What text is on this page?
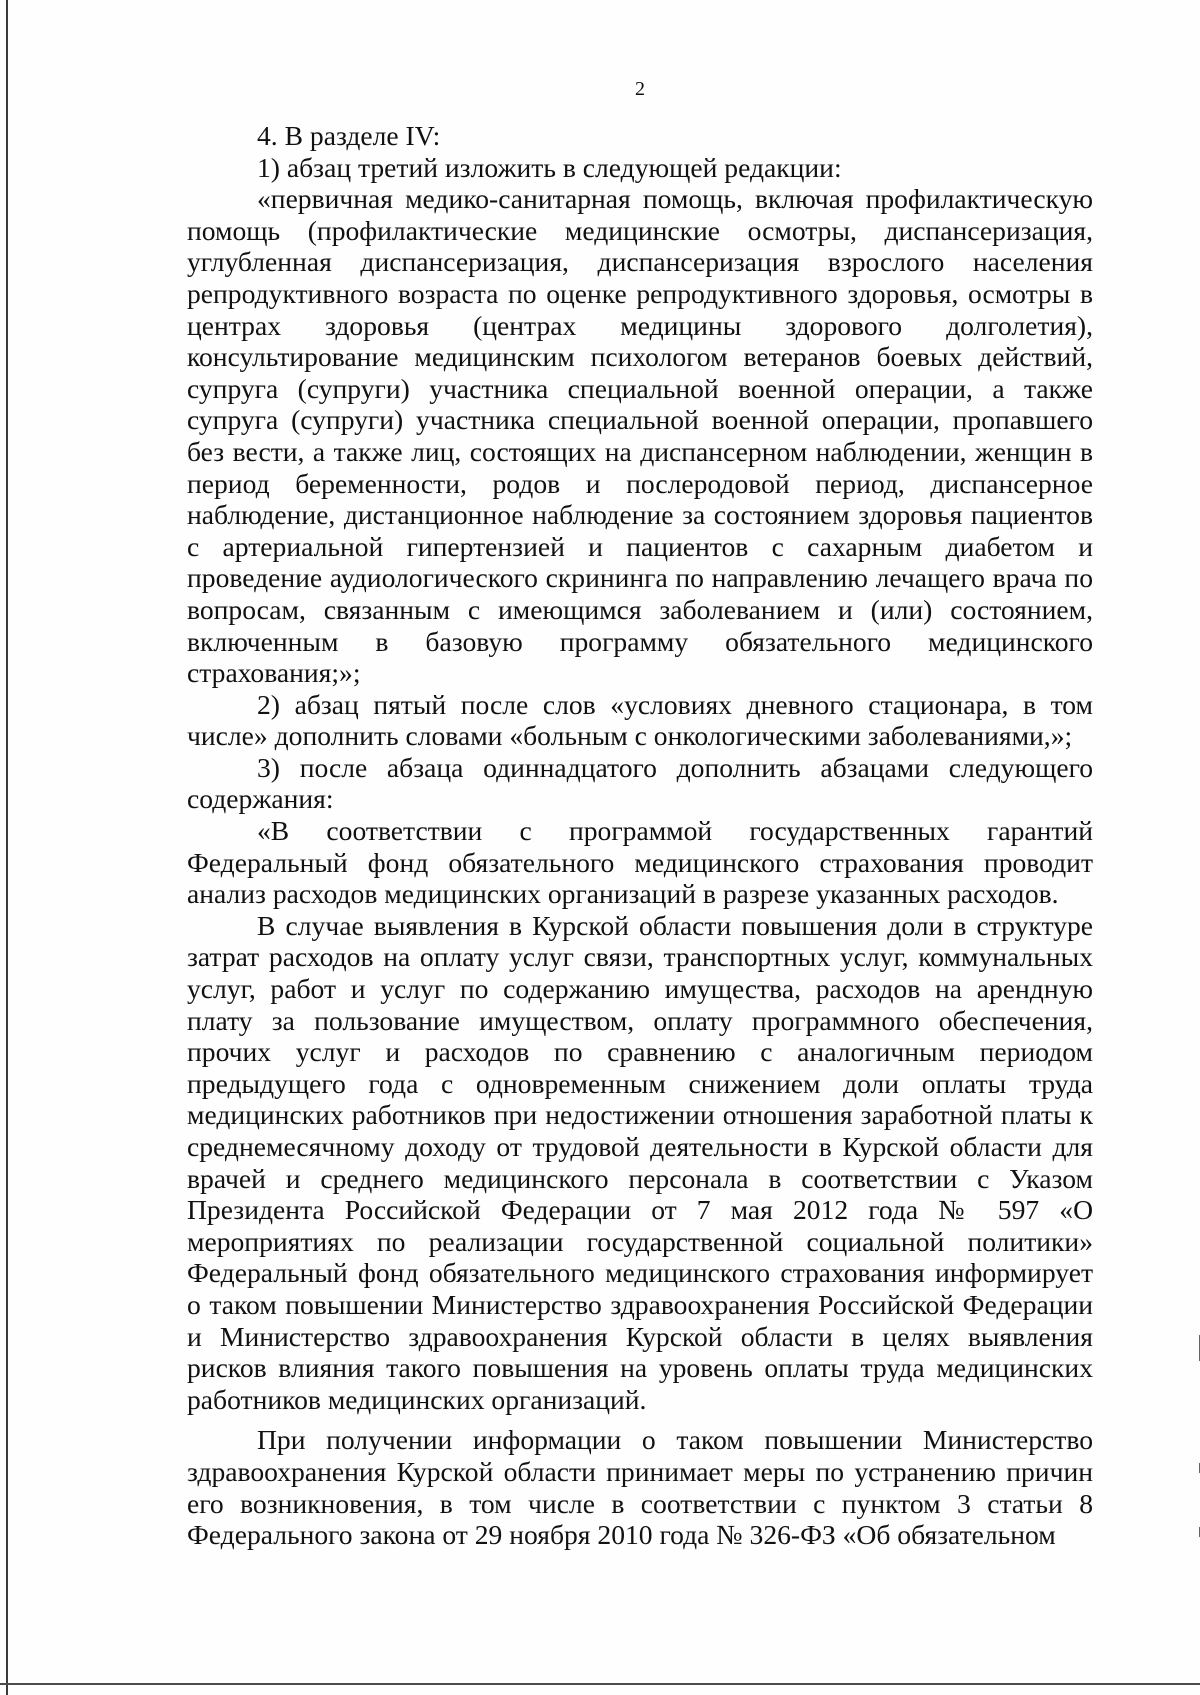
2

4. В разделе IV:

1) абзац третий изложить в следующей редакции:

«первичная медико-санитарная помощь, включая профилактическую помощь (профилактические медицинские осмотры, диспансеризация, углубленная диспансеризация, диспансеризация взрослого населения репродуктивного возраста по оценке репродуктивного здоровья, осмотры в центрах здоровья (центрах медицины здорового долголетия), консультирование медицинским психологом ветеранов боевых действий, супруга (супруги) участника специальной военной операции, а также супруга (супруги) участника специальной военной операции, пропавшего без вести, а также лиц, состоящих на диспансерном наблюдении, женщин в период беременности, родов и послеродовой период, диспансерное наблюдение, дистанционное наблюдение за состоянием здоровья пациентов с артериальной гипертензией и пациентов с сахарным диабетом и проведение аудиологического скрининга по направлению лечащего врача по вопросам, связанным с имеющимся заболеванием и (или) состоянием, включенным в базовую программу обязательного медицинского страхования;»;

2) абзац пятый после слов «условиях дневного стационара, в том числе» дополнить словами «больным с онкологическими заболеваниями,»;

3) после абзаца одиннадцатого дополнить абзацами следующего содержания:

«В соответствии с программой государственных гарантий Федеральный фонд обязательного медицинского страхования проводит анализ расходов медицинских организаций в разрезе указанных расходов.

В случае выявления в Курской области повышения доли в структуре затрат расходов на оплату услуг связи, транспортных услуг, коммунальных услуг, работ и услуг по содержанию имущества, расходов на арендную плату за пользование имуществом, оплату программного обеспечения, прочих услуг и расходов по сравнению с аналогичным периодом предыдущего года с одновременным снижением доли оплаты труда медицинских работников при недостижении отношения заработной платы к среднемесячному доходу от трудовой деятельности в Курской области для врачей и среднего медицинского персонала в соответствии с Указом Президента Российской Федерации от 7 мая 2012 года № 597 «О мероприятиях по реализации государственной социальной политики» Федеральный фонд обязательного медицинского страхования информирует о таком повышении Министерство здравоохранения Российской Федерации и Министерство здравоохранения Курской области в целях выявления рисков влияния такого повышения на уровень оплаты труда медицинских работников медицинских организаций.

При получении информации о таком повышении Министерство здравоохранения Курской области принимает меры по устранению причин его возникновения, в том числе в соответствии с пунктом 3 статьи 8 Федерального закона от 29 ноября 2010 года № 326-ФЗ «Об обязательном
